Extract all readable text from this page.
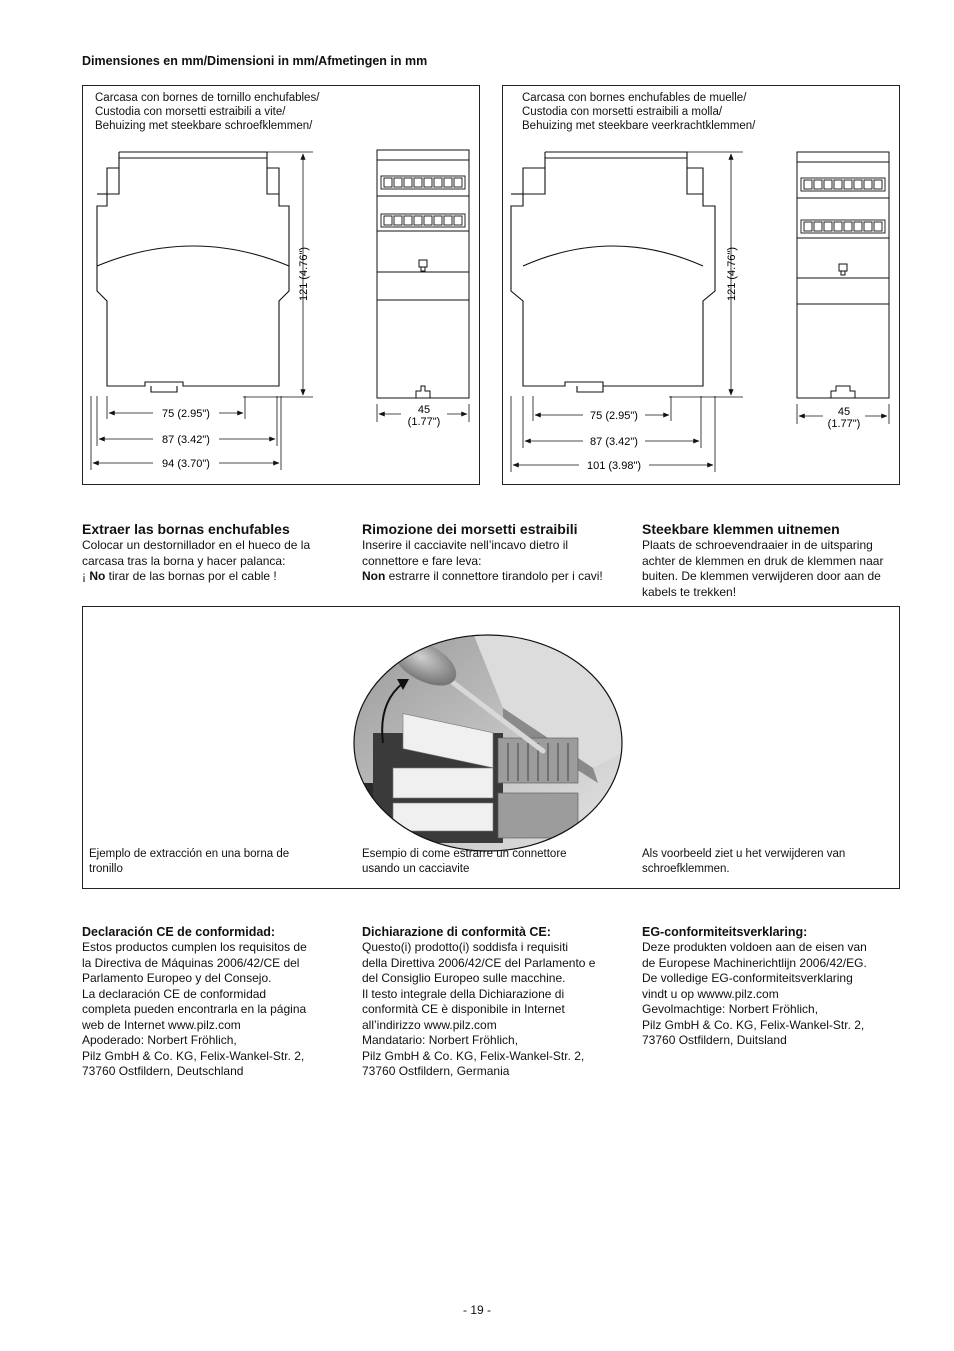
Dimensiones en mm/Dimensioni in mm/Afmetingen in mm
Carcasa con bornes de tornillo enchufables/
Custodia con morsetti estraibili a vite/
Behuizing met steekbare schroefklemmen/
121 (4.76")
75 (2.95")
87 (3.42")
94 (3.70")
45
(1.77")
Carcasa con bornes enchufables de muelle/
Custodia con morsetti estraibili a molla/
Behuizing met steekbare veerkrachtklemmen/
121 (4.76")
75 (2.95")
87 (3.42")
101 (3.98")
45
(1.77")
Extraer las bornas enchufables

Colocar un destornillador en el hueco de la

carcasa tras la borna y hacer palanca:

¡ No tirar de las bornas por el cable !

Rimozione dei morsetti estraibili

Inserire il cacciavite nell’incavo dietro il

connettore e fare leva:

Non estrarre il connettore tirandolo per i cavi!

Steekbare klemmen uitnemen

Plaats de schroevendraaier in de uitsparing

achter de klemmen en druk de klemmen naar

buiten. De klemmen verwijderen door aan de

kabels te trekken!

Ejemplo de extracción en una borna de
tronillo
Esempio di come estrarre un connettore
usando un cacciavite
Als voorbeeld ziet u het verwijderen van
schroefklemmen.
Declaración CE de conformidad:

Estos productos cumplen los requisitos de

la Directiva de Máquinas 2006/42/CE del

Parlamento Europeo y del Consejo.

La declaración CE de conformidad

completa pueden encontrarla en la página

web de Internet www.pilz.com

Apoderado: Norbert Fröhlich,

Pilz GmbH & Co. KG, Felix-Wankel-Str. 2,

73760 Ostfildern, Deutschland

Dichiarazione di conformità CE:

Questo(i) prodotto(i) soddisfa i requisiti

della Direttiva 2006/42/CE del Parlamento e

del Consiglio Europeo sulle macchine.

Il testo integrale della Dichiarazione di

conformità CE è disponibile in Internet

all’indirizzo www.pilz.com

Mandatario: Norbert Fröhlich,

Pilz GmbH & Co. KG, Felix-Wankel-Str. 2,

73760 Ostfildern, Germania

EG-conformiteitsverklaring:

Deze produkten voldoen aan de eisen van

de Europese Machinerichtlijn 2006/42/EG.

De volledige EG-conformiteitsverklaring

vindt u op wwww.pilz.com

Gevolmachtige: Norbert Fröhlich,

Pilz GmbH & Co. KG, Felix-Wankel-Str. 2,

73760 Ostfildern, Duitsland

- 19 -
